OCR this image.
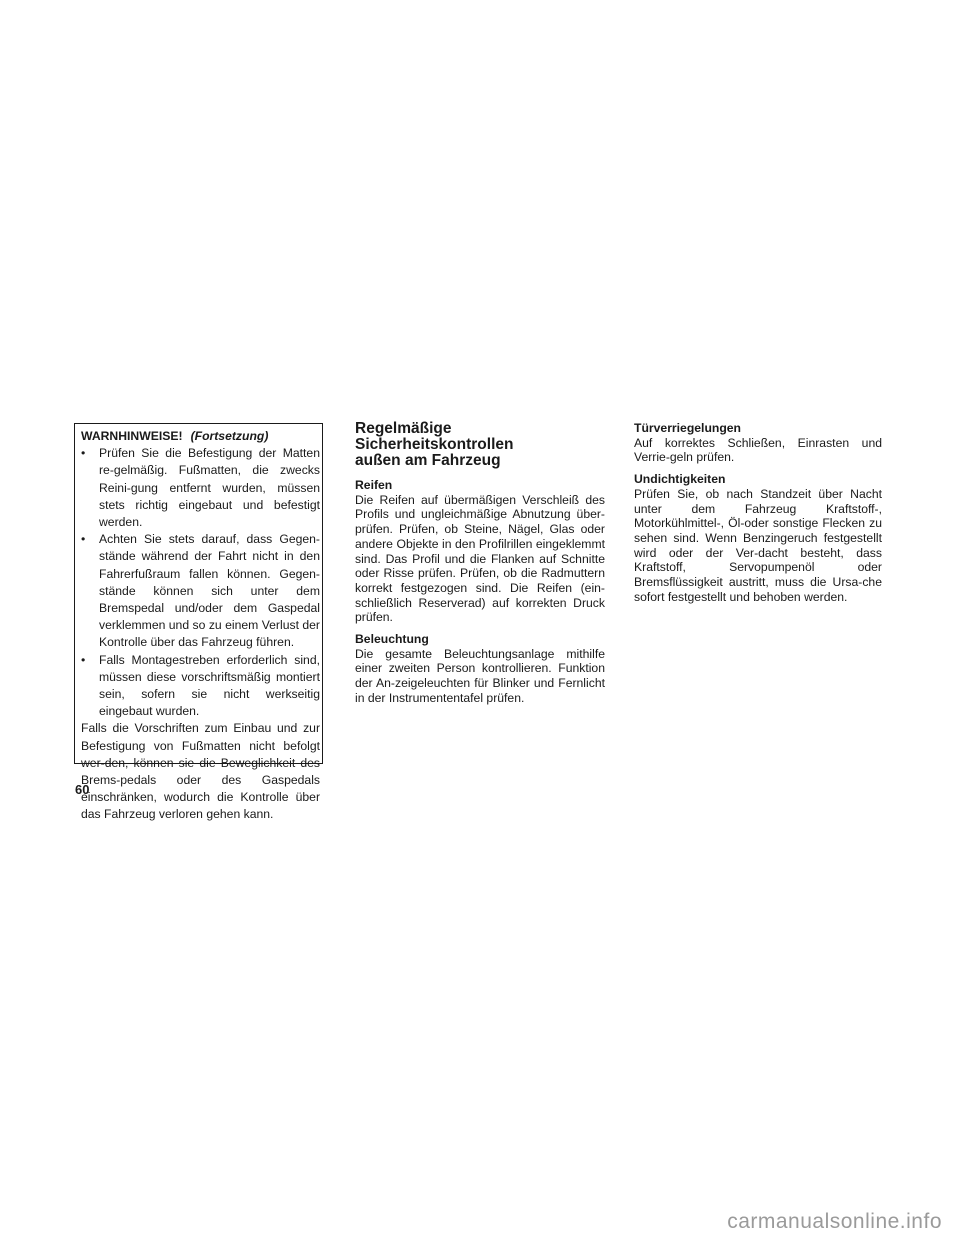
WARNHINWEISE! (Fortsetzung)
• Prüfen Sie die Befestigung der Matten re-gelmäßig. Fußmatten, die zwecks Reini-gung entfernt wurden, müssen stets richtig eingebaut und befestigt werden.
• Achten Sie stets darauf, dass Gegen-stände während der Fahrt nicht in den Fahrerfußraum fallen können. Gegen-stände können sich unter dem Bremspedal und/oder dem Gaspedal verklemmen und so zu einem Verlust der Kontrolle über das Fahrzeug führen.
• Falls Montagestreben erforderlich sind, müssen diese vorschriftsmäßig montiert sein, sofern sie nicht werkseitig eingebaut wurden.
Falls die Vorschriften zum Einbau und zur Befestigung von Fußmatten nicht befolgt wer-den, können sie die Beweglichkeit des Brems-pedals oder des Gaspedals einschränken, wodurch die Kontrolle über das Fahrzeug verloren gehen kann.
Regelmäßige Sicherheitskontrollen
außen am Fahrzeug
Reifen
Die Reifen auf übermäßigen Verschleiß des Profils und ungleichmäßige Abnutzung über-prüfen. Prüfen, ob Steine, Nägel, Glas oder andere Objekte in den Profilrillen eingeklemmt sind. Das Profil und die Flanken auf Schnitte oder Risse prüfen. Prüfen, ob die Radmuttern korrekt festgezogen sind. Die Reifen (ein-schließlich Reserverad) auf korrekten Druck prüfen.
Beleuchtung
Die gesamte Beleuchtungsanlage mithilfe einer zweiten Person kontrollieren. Funktion der An-zeigeleuchten für Blinker und Fernlicht in der Instrumententafel prüfen.
Türverriegelungen
Auf korrektes Schließen, Einrasten und Verrie-geln prüfen.
Undichtigkeiten
Prüfen Sie, ob nach Standzeit über Nacht unter dem Fahrzeug Kraftstoff-, Motorkühlmittel-, Öl-oder sonstige Flecken zu sehen sind. Wenn Benzingeruch festgestellt wird oder der Ver-dacht besteht, dass Kraftstoff, Servopumpenöl oder Bremsflüssigkeit austritt, muss die Ursa-che sofort festgestellt und behoben werden.
60
carmanualsonline.info
